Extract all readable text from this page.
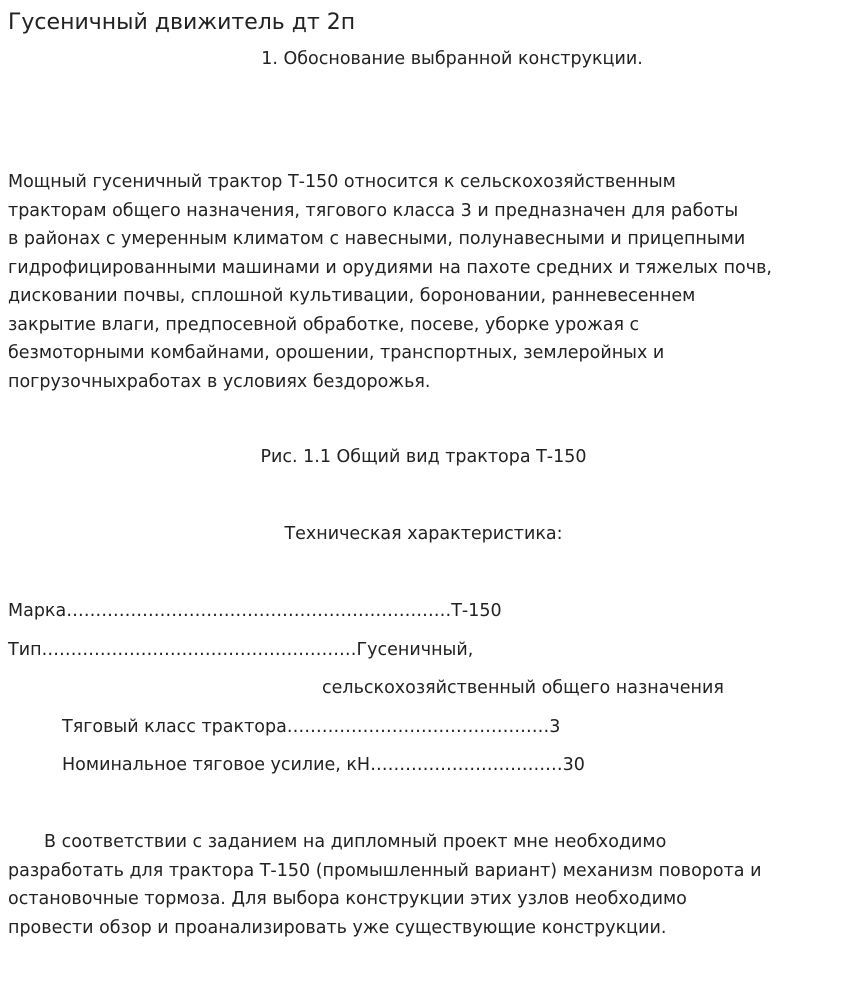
Гусеничный движитель дт 2п
1. Обоснование выбранной конструкции.
Мощный гусеничный трактор Т-150 относится к сельскохозяйственным
тракторам общего назначения, тягового класса 3 и предназначен для работы
в районах с умеренным климатом с навесными, полунавесными и прицепными
гидрофицированными машинами и орудиями на пахоте средних и тяжелых почв,
дисковании почвы, сплошной культивации, бороновании, ранневесеннем
закрытие влаги, предпосевной обработке, посеве, уборке урожая с
безмоторными комбайнами, орошении, транспортных, землеройных и
погрузочныхработах в условиях бездорожья.
Рис. 1.1 Общий вид трактора Т-150
Техническая характеристика:
Марка…………………………………………………………Т-150
Тип………………………………………………Гусеничный,
сельскохозяйственный общего назначения
Тяговый класс трактора………………………………………3
Номинальное тяговое усилие, кН……………………………30
В соответствии с заданием на дипломный проект мне необходимо
разработать для трактора Т-150 (промышленный вариант) механизм поворота и
остановочные тормоза. Для выбора конструкции этих узлов необходимо
провести обзор и проанализировать уже существующие конструкции.
